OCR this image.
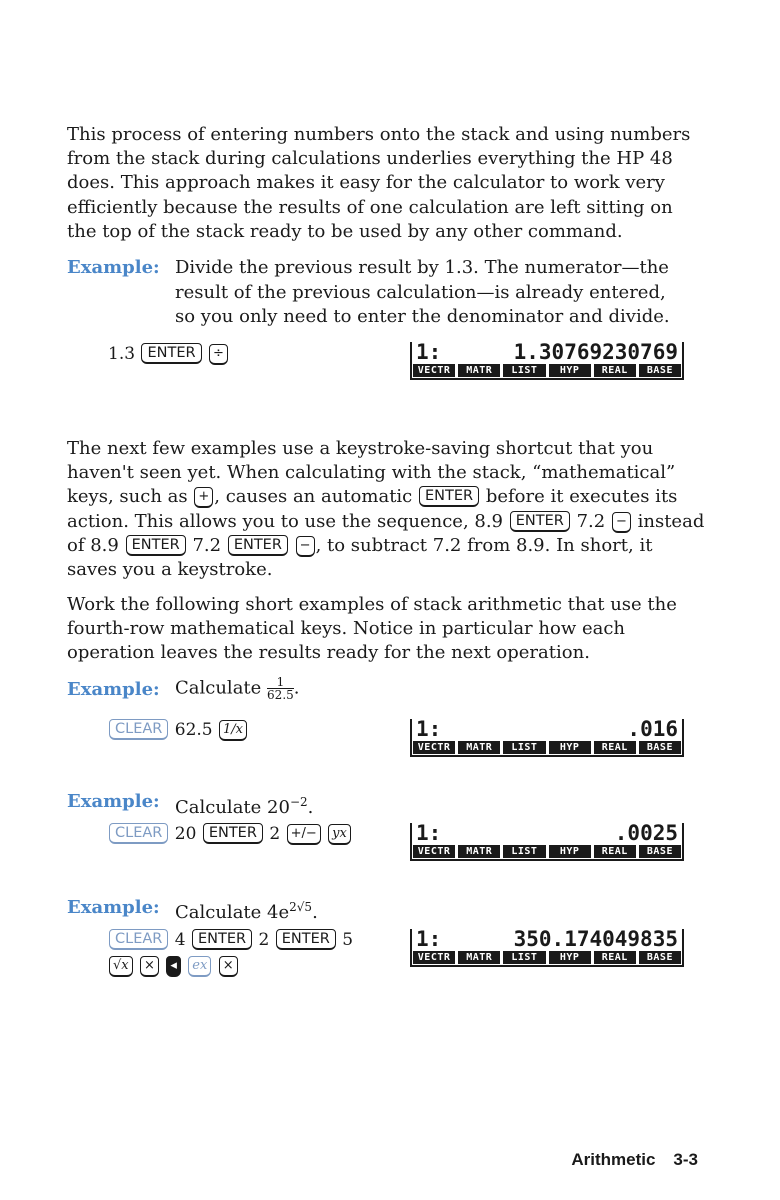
This process of entering numbers onto the stack and using numbers from the stack during calculations underlies everything the HP 48 does. This approach makes it easy for the calculator to work very efficiently because the results of one calculation are left sitting on the top of the stack ready to be used by any other command.

Example: Divide the previous result by 1.3. The numerator—the result of the previous calculation—is already entered, so you only need to enter the denominator and divide.
1.3 ENTER ÷	1:	1.30769230769
VECTR	MATR	LIST	HYP	REAL	BASE

The next few examples use a keystroke-saving shortcut that you haven't seen yet. When calculating with the stack, “mathematical” keys, such as + , causes an automatic ENTER before it executes its action. This allows you to use the sequence, 8.9 ENTER 7.2 − instead of 8.9 ENTER 7.2 ENTER − , to subtract 7.2 from 8.9. In short, it saves you a keystroke.

Work the following short examples of stack arithmetic that use the fourth-row mathematical keys. Notice in particular how each operation leaves the results ready for the next operation.

Example: Calculate $\frac{1}{62.5}$ .
CLEAR 62.5 1/x	1:	.016
VECTR	MATR	LIST	HYP	REAL	BASE
Example: Calculate $20^{-2}$.
CLEAR 20 ENTER 2 +/− yx	1:	.0025
VECTR	MATR	LIST	HYP	REAL	BASE
Example: Calculate $4e^{2√5}$.
CLEAR 4 ENTER 2 ENTER 5
√x × ◂ ex ×
1:	350.174049835
VECTR	MATR	LIST	HYP	REAL	BASE
Arithmetic 3-3
